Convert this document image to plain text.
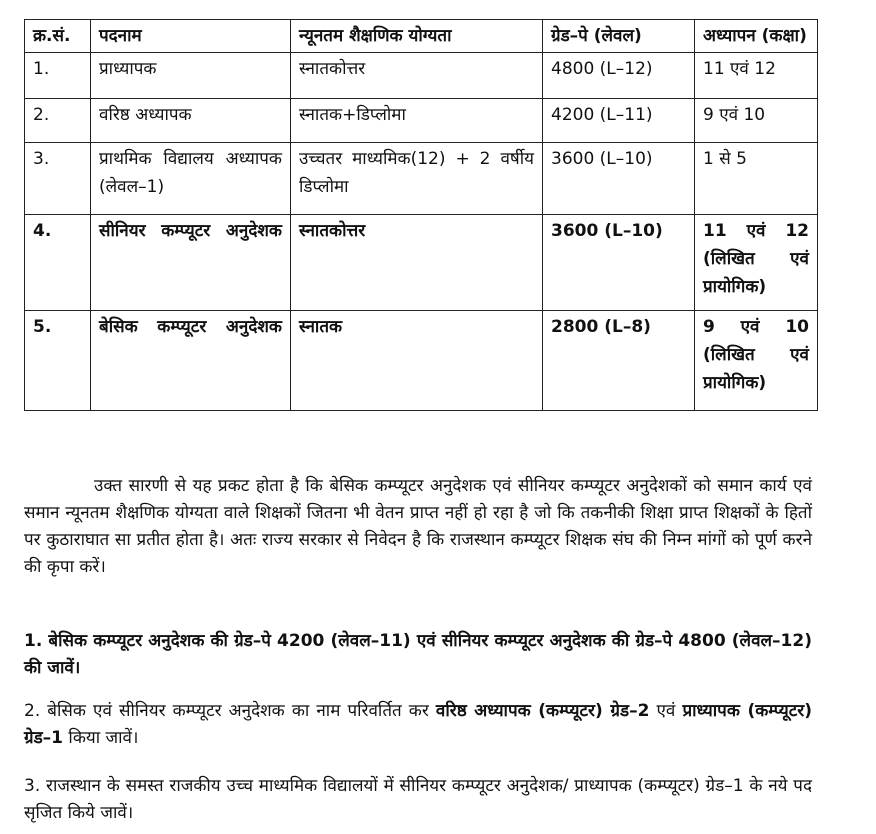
क्र.सं.	पदनाम	न्यूनतम शैक्षणिक योग्यता	ग्रेड–पे (लेवल)	अध्यापन (कक्षा)
1.	प्राध्यापक	स्नातकोत्तर	4800 (L–12)	11 एवं 12
2.	वरिष्ठ अध्यापक	स्नातक+डिप्लोमा	4200 (L–11)	9 एवं 10
3.	प्राथमिक विद्यालय अध्यापक (लेवल–1)	उच्चतर माध्यमिक(12) + 2 वर्षीय डिप्लोमा	3600 (L–10)	1 से 5
4.	सीनियर कम्प्यूटर अनुदेशक	स्नातकोत्तर	3600 (L–10)	11 एवं 12 (लिखित एवं प्रायोगिक)
5.	बेसिक कम्प्यूटर अनुदेशक	स्नातक	2800 (L–8)	9 एवं 10 (लिखित एवं प्रायोगिक)

उक्त सारणी से यह प्रकट होता है कि बेसिक कम्प्यूटर अनुदेशक एवं सीनियर कम्प्यूटर अनुदेशकों को समान कार्य एवं समान न्यूनतम शैक्षणिक योग्यता वाले शिक्षकों जितना भी वेतन प्राप्त नहीं हो रहा है जो कि तकनीकी शिक्षा प्राप्त शिक्षकों के हितों पर कुठाराघात सा प्रतीत होता है। अतः राज्य सरकार से निवेदन है कि राजस्थान कम्प्यूटर शिक्षक संघ की निम्न मांगों को पूर्ण करने की कृपा करें।

1. बेसिक कम्प्यूटर अनुदेशक की ग्रेड–पे 4200 (लेवल–11) एवं सीनियर कम्प्यूटर अनुदेशक की ग्रेड–पे 4800 (लेवल–12) की जावें।

2. बेसिक एवं सीनियर कम्प्यूटर अनुदेशक का नाम परिवर्तित कर वरिष्ठ अध्यापक (कम्प्यूटर) ग्रेड–2 एवं प्राध्यापक (कम्प्यूटर) ग्रेड–1 किया जावें।

3. राजस्थान के समस्त राजकीय उच्च माध्यमिक विद्यालयों में सीनियर कम्प्यूटर अनुदेशक/ प्राध्यापक (कम्प्यूटर) ग्रेड–1 के नये पद सृजित किये जावें।
